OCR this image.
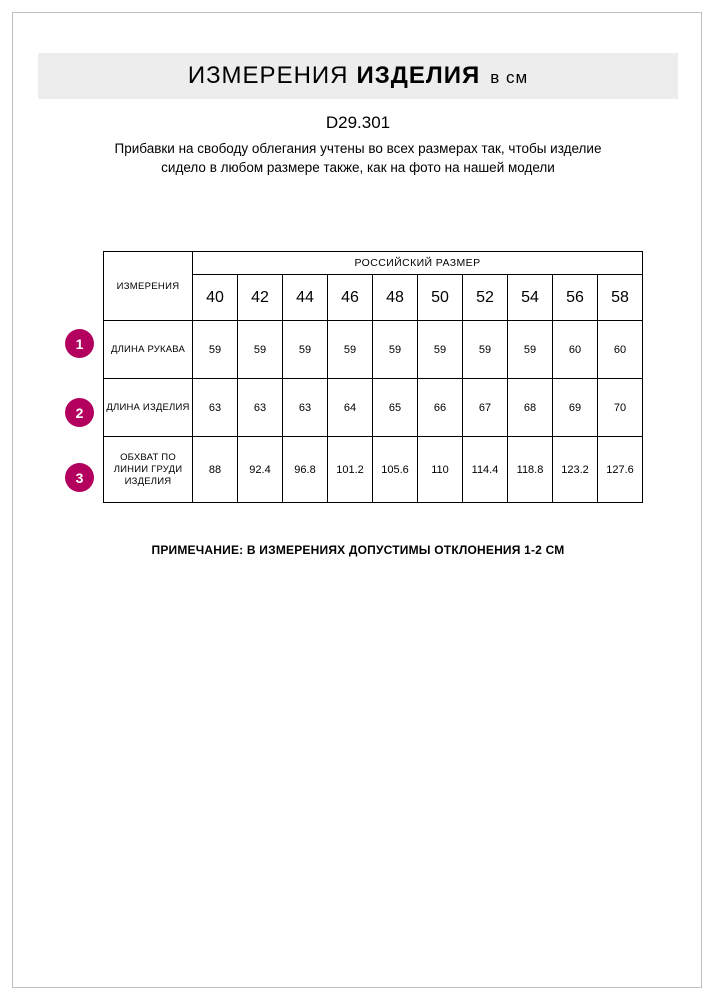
ИЗМЕРЕНИЯ ИЗДЕЛИЯ в см
D29.301
Прибавки на свободу облегания учтены во всех размерах так, чтобы изделие сидело в любом размере также, как на фото на нашей модели
1
2
3
ИЗМЕРЕНИЯ	РОССИЙСКИЙ РАЗМЕР									
	40	42	44	46	48	50	52	54	56	58
ДЛИНА РУКАВА	59	59	59	59	59	59	59	59	60	60
ДЛИНА ИЗДЕЛИЯ	63	63	63	64	65	66	67	68	69	70
ОБХВАТ ПО ЛИНИИ ГРУДИ ИЗДЕЛИЯ	88	92.4	96.8	101.2	105.6	110	114.4	118.8	123.2	127.6
ПРИМЕЧАНИЕ: В ИЗМЕРЕНИЯХ ДОПУСТИМЫ ОТКЛОНЕНИЯ 1-2 СМ
